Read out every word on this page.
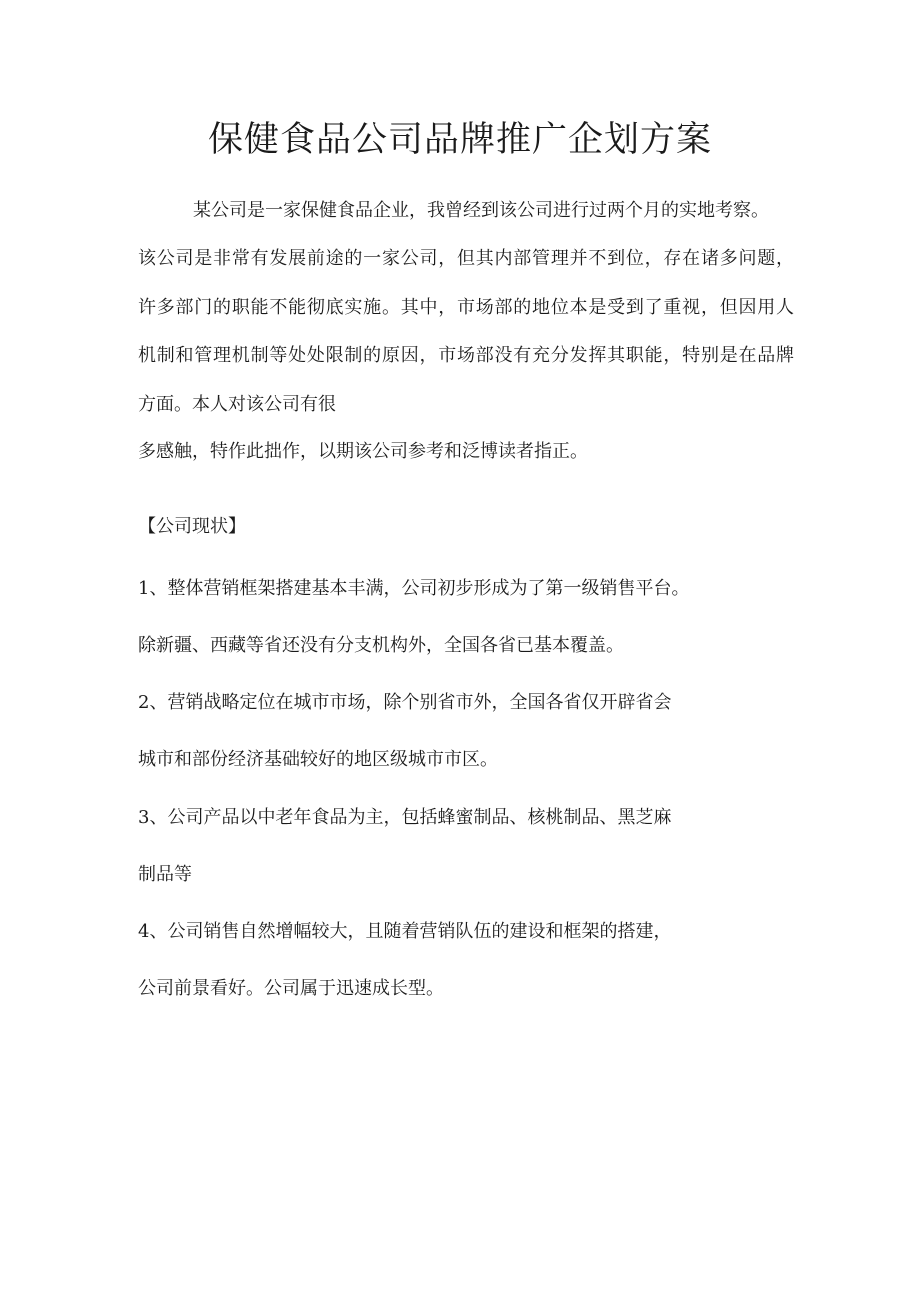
保健食品公司品牌推广企划方案

某公司是一家保健食品企业，我曾经到该公司进行过两个月的实地考察。

该公司是非常有发展前途的一家公司，但其内部管理并不到位，存在诸多问题，

许多部门的职能不能彻底实施。其中，市场部的地位本是受到了重视，但因用人

机制和管理机制等处处限制的原因，市场部没有充分发挥其职能，特别是在品牌

方面。本人对该公司有很

多感触，特作此拙作，以期该公司参考和泛博读者指正。

【公司现状】

1、整体营销框架搭建基本丰满，公司初步形成为了第一级销售平台。

除新疆、西藏等省还没有分支机构外，全国各省已基本覆盖。

2、营销战略定位在城市市场，除个别省市外，全国各省仅开辟省会

城市和部份经济基础较好的地区级城市市区。

3、公司产品以中老年食品为主，包括蜂蜜制品、核桃制品、黑芝麻

制品等

4、公司销售自然增幅较大，且随着营销队伍的建设和框架的搭建，

公司前景看好。公司属于迅速成长型。
